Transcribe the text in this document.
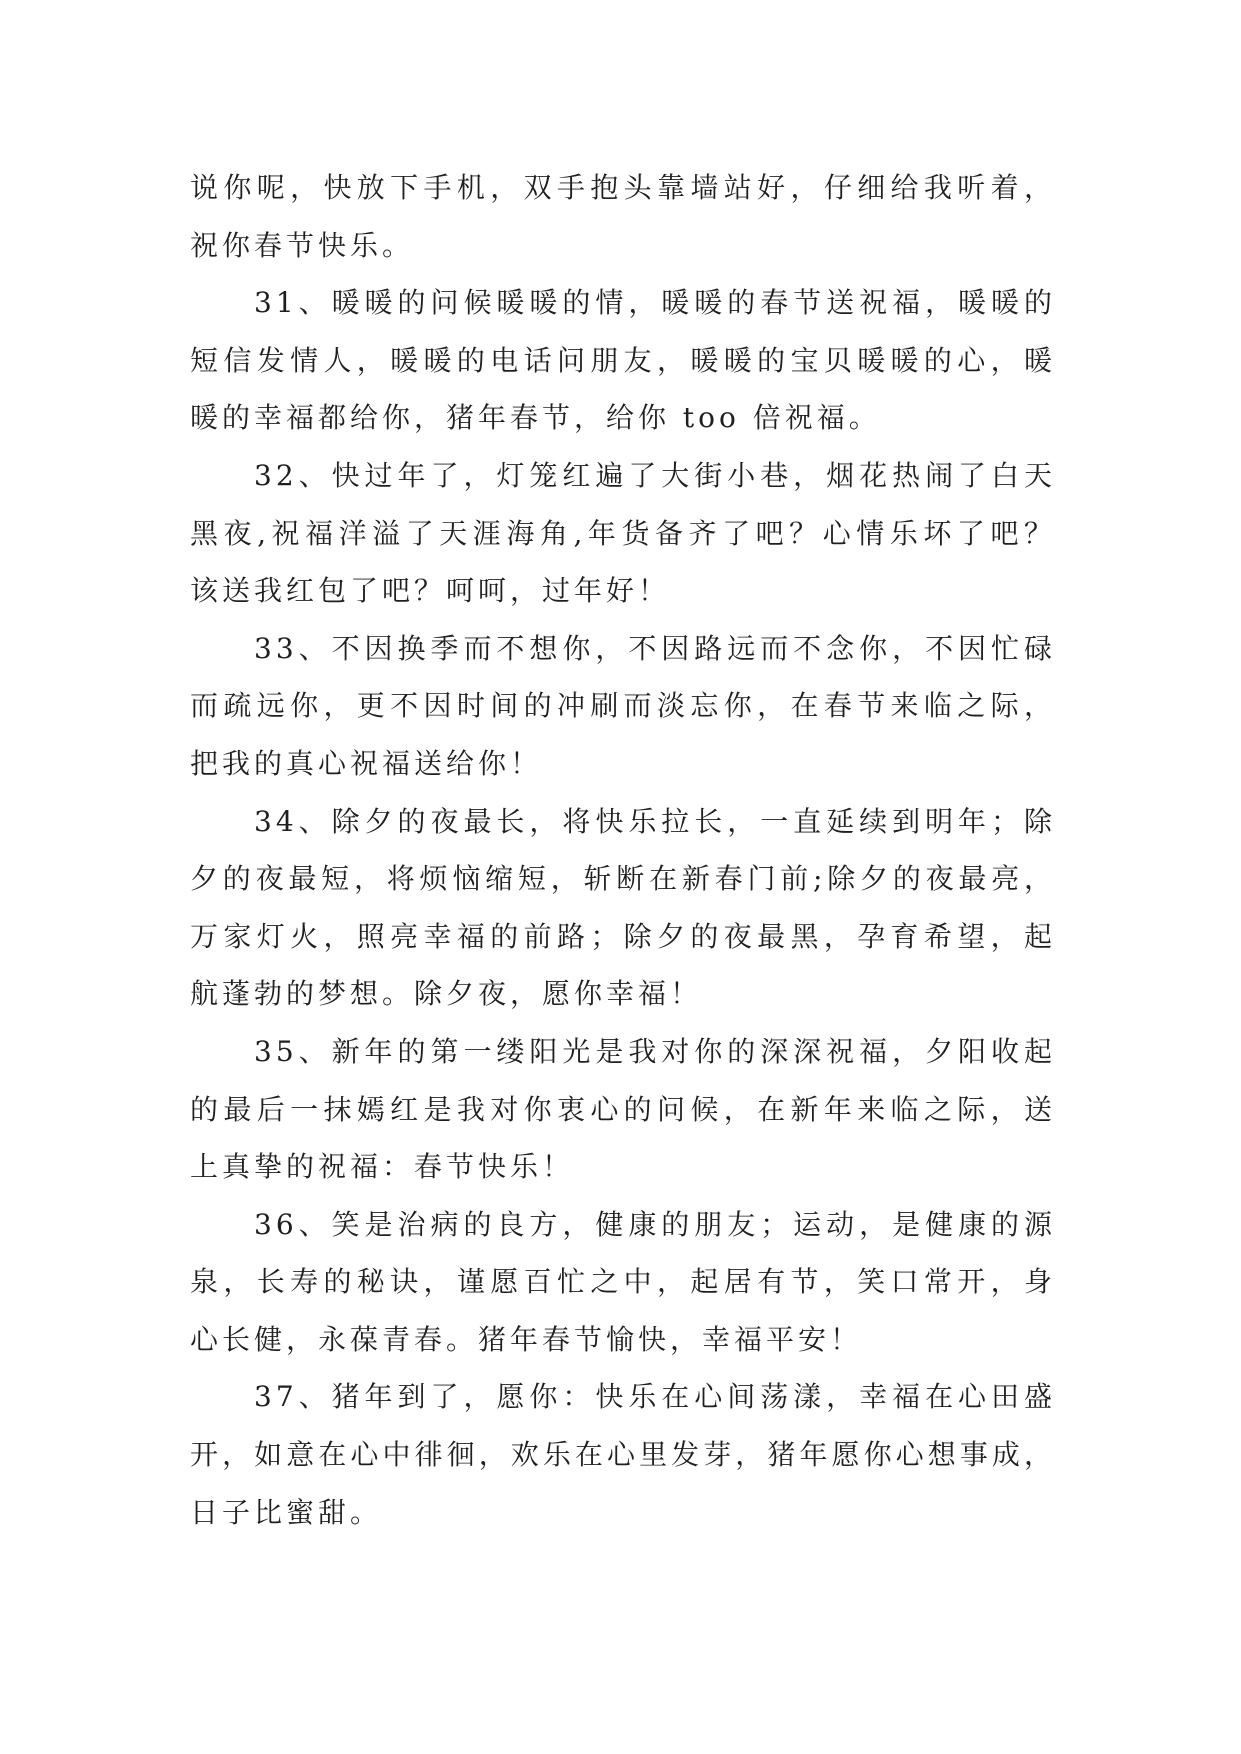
说你呢，快放下手机，双手抱头靠墙站好，仔细给我听着，
祝你春节快乐。
31、暖暖的问候暖暖的情，暖暖的春节送祝福，暖暖的
短信发情人，暖暖的电话问朋友，暖暖的宝贝暖暖的心，暖
暖的幸福都给你，猪年春节，给你 too 倍祝福。
32、快过年了，灯笼红遍了大街小巷，烟花热闹了白天
黑夜,祝福洋溢了天涯海角,年货备齐了吧？心情乐坏了吧？
该送我红包了吧？呵呵，过年好！
33、不因换季而不想你，不因路远而不念你，不因忙碌
而疏远你，更不因时间的冲刷而淡忘你，在春节来临之际，
把我的真心祝福送给你！
34、除夕的夜最长，将快乐拉长，一直延续到明年；除
夕的夜最短，将烦恼缩短，斩断在新春门前;除夕的夜最亮，
万家灯火，照亮幸福的前路；除夕的夜最黑，孕育希望，起
航蓬勃的梦想。除夕夜，愿你幸福！
35、新年的第一缕阳光是我对你的深深祝福，夕阳收起
的最后一抹嫣红是我对你衷心的问候，在新年来临之际，送
上真挚的祝福：春节快乐！
36、笑是治病的良方，健康的朋友；运动，是健康的源
泉，长寿的秘诀，谨愿百忙之中，起居有节，笑口常开，身
心长健，永葆青春。猪年春节愉快，幸福平安！
37、猪年到了，愿你：快乐在心间荡漾，幸福在心田盛
开，如意在心中徘徊，欢乐在心里发芽，猪年愿你心想事成，
日子比蜜甜。
